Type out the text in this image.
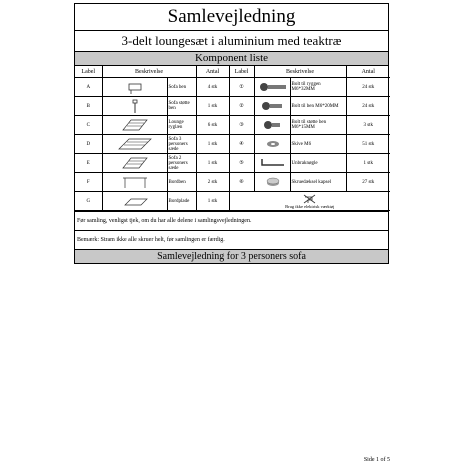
Samlevejledning
3-delt loungesæt i aluminium med teaktræ
Komponent liste
Label	Beskrivelse		Antal	Label	Beskrivelse		Antal
A		Sofa ben	4 stk	①		Bolt til ryggen M6*32MM	24 stk
B		Sofa støtte ben	1 stk	②		Bolt til ben M6*20MM	24 stk
C		Lounge ryglæn	6 stk	③		Bolt til støtte ben M6*15MM	3 stk
D		Sofa 3 personers sæde	1 stk	④		Skive M6	51 stk
E		Sofa 2 personers sæde	1 stk	⑤		Unbraknøgle	1 stk
F		Bordben	2 stk	⑥		Skruedæksel kapsel	27 stk
G		Bordplade	1 stk	Brug ikke elektrisk værktøj			
Før samling, venligst tjek, om du har alle delene i samlingsvejledningen.
Bemærk: Stram ikke alle skruer helt, før samlingen er færdig.
Samlevejledning for 3 personers sofa
Side 1 of 5
